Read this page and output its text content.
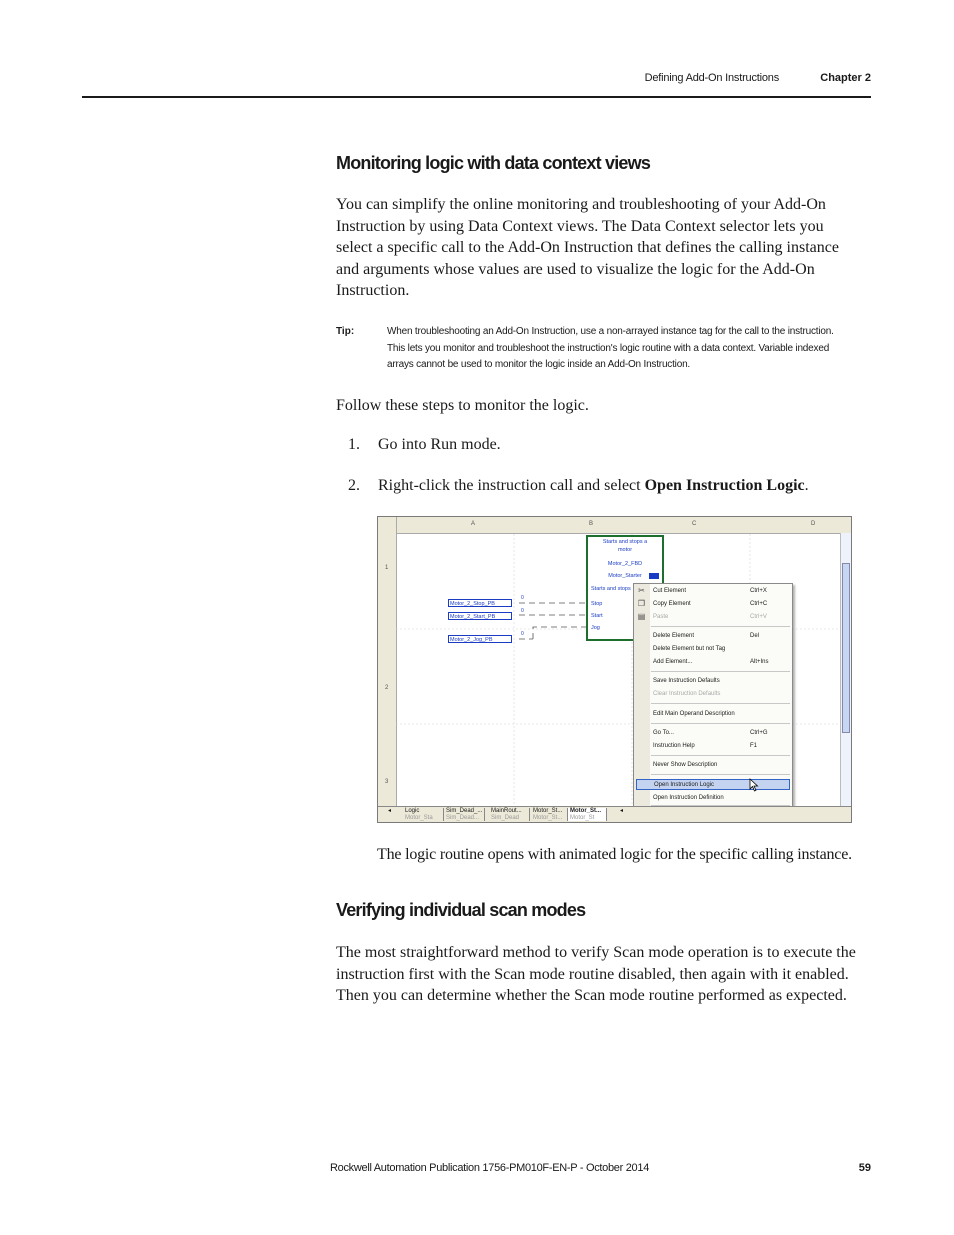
Defining Add-On Instructions	Chapter 2
Monitoring logic with data context views

You can simplify the online monitoring and troubleshooting of your Add-On Instruction by using Data Context views. The Data Context selector lets you select a specific call to the Add-On Instruction that defines the calling instance and arguments whose values are used to visualize the logic for the Add-On Instruction.

Tip:	When troubleshooting an Add-On Instruction, use a non-arrayed instance tag for the call to the instruction. This lets you monitor and troubleshoot the instruction's logic routine with a data context. Variable indexed arrays cannot be used to monitor the logic inside an Add-On Instruction.

Follow these steps to monitor the logic.

1. Go into Run mode.
2. Right-click the instruction call and select Open Instruction Logic.
A	B	C	D
1
2
3
Motor_2_Stop_PB
Motor_2_Start_PB
Motor_2_Jog_PB
0
0
0
Starts and stops a
motor
Motor_2_FBD
Motor_Starter
Starts and stops
Stop
Start
Jog
✂
❐
▤
Cut Element	Ctrl+X
Copy Element	Ctrl+C
Paste	Ctrl+V
Delete Element	Del
Delete Element but not Tag
Add Element...	Alt+Ins
Save Instruction Defaults
Clear Instruction Defaults
Edit Main Operand Description
Go To...	Ctrl+G
Instruction Help	F1
Never Show Description
Open Instruction Logic
Open Instruction Definition
◂	Logic
Motor_Sta
Sim_Dead_...
Sim_Dead...
MainRout...
Sim_Dead
Motor_St...
Motor_St...
Motor_St...
Motor_St
◂

The logic routine opens with animated logic for the specific calling instance.

Verifying individual scan modes

The most straightforward method to verify Scan mode operation is to execute the instruction first with the Scan mode routine disabled, then again with it enabled. Then you can determine whether the Scan mode routine performed as expected.

Rockwell Automation Publication 1756-PM010F-EN-P - October 2014	59
